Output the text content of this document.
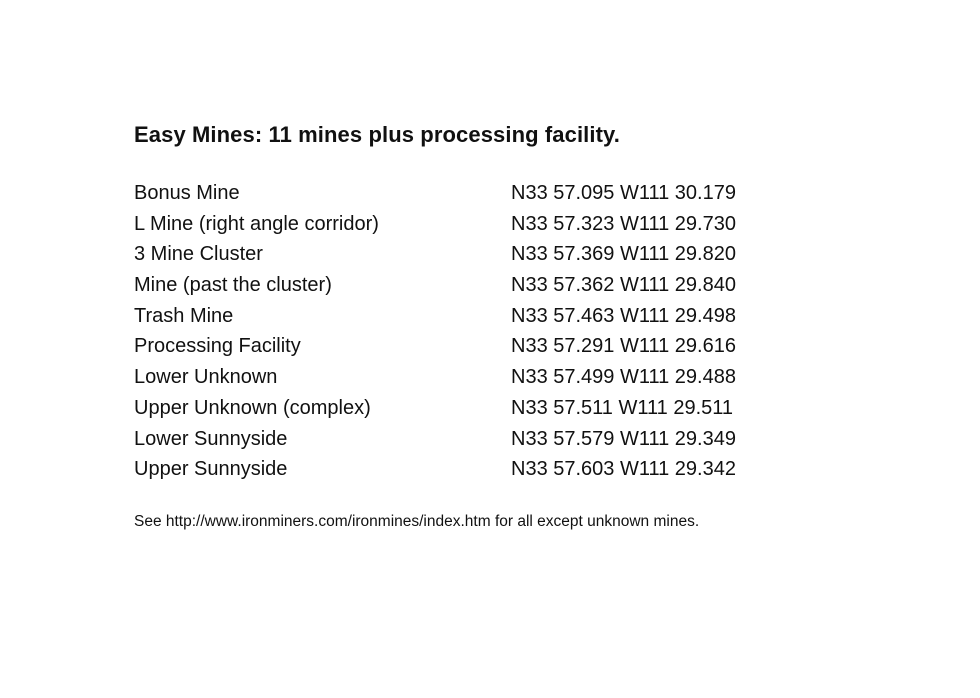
Easy Mines: 11 mines plus processing facility.
Bonus Mine	N33 57.095 W111 30.179
L Mine (right angle corridor)	N33 57.323 W111 29.730
3 Mine Cluster	N33 57.369 W111 29.820
Mine (past the cluster)	N33 57.362 W111 29.840
Trash Mine	N33 57.463 W111 29.498
Processing Facility	N33 57.291 W111 29.616
Lower Unknown	N33 57.499 W111 29.488
Upper Unknown (complex)	N33 57.511 W111 29.511
Lower Sunnyside	N33 57.579 W111 29.349
Upper Sunnyside	N33 57.603 W111 29.342
See http://www.ironminers.com/ironmines/index.htm for all except unknown mines.
